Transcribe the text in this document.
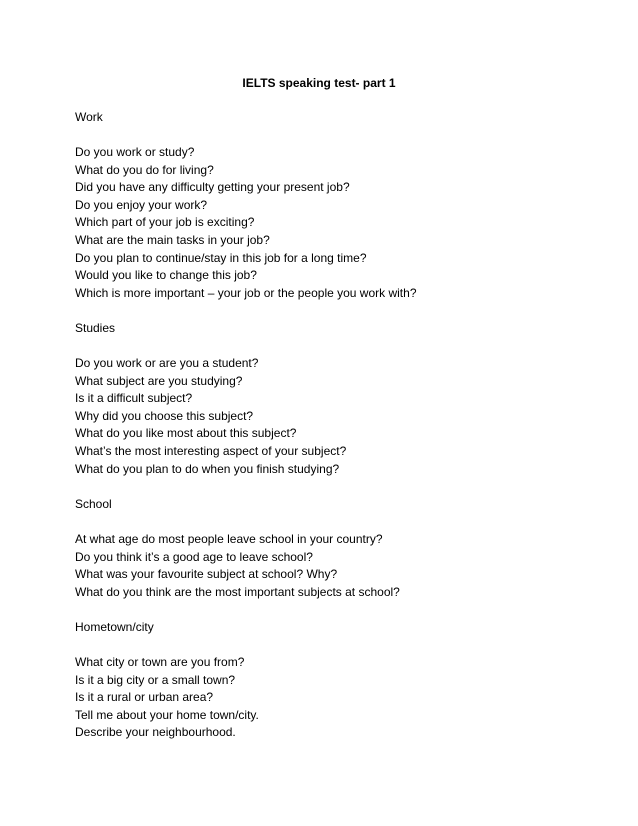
IELTS speaking test- part 1

Work

Do you work or study?
What do you do for living?
Did you have any difficulty getting your present job?
Do you enjoy your work?
Which part of your job is exciting?
What are the main tasks in your job?
Do you plan to continue/stay in this job for a long time?
Would you like to change this job?
Which is more important – your job or the people you work with?

Studies

Do you work or are you a student?
What subject are you studying?
Is it a difficult subject?
Why did you choose this subject?
What do you like most about this subject?
What’s the most interesting aspect of your subject?
What do you plan to do when you finish studying?

School

At what age do most people leave school in your country?
Do you think it’s a good age to leave school?
What was your favourite subject at school? Why?
What do you think are the most important subjects at school?

Hometown/city

What city or town are you from?
Is it a big city or a small town?
Is it a rural or urban area?
Tell me about your home town/city.
Describe your neighbourhood.
